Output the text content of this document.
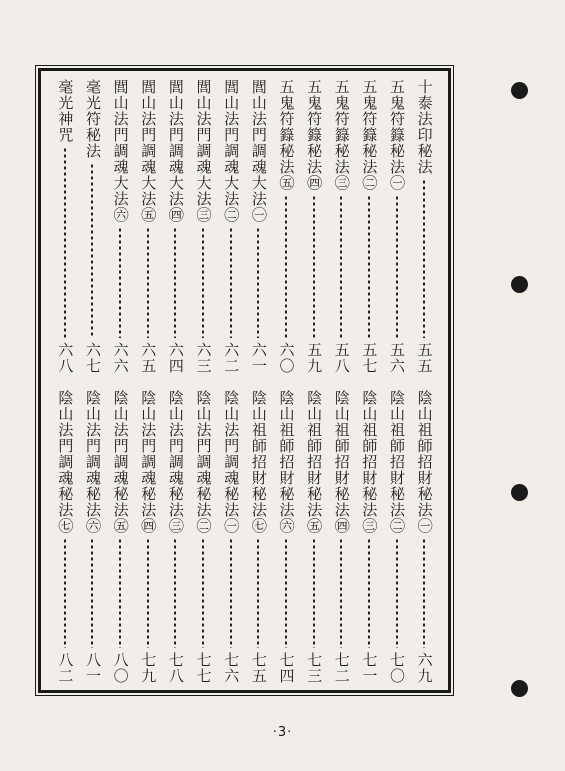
十泰法印秘法
五五
陰山祖師招財秘法㊀
六九
五鬼符籙秘法㊀
五六
陰山祖師招財秘法㊁
七〇
五鬼符籙秘法㊁
五七
陰山祖師招財秘法㊂
七一
五鬼符籙秘法㊂
五八
陰山祖師招財秘法㊃
七二
五鬼符籙秘法㊃
五九
陰山祖師招財秘法㊄
七三
五鬼符籙秘法㊄
六〇
陰山祖師招財秘法㊅
七四
閭山法門調魂大法㊀
六一
陰山祖師招財秘法㊆
七五
閭山法門調魂大法㊁
六二
陰山法門調魂秘法㊀
七六
閭山法門調魂大法㊂
六三
陰山法門調魂秘法㊁
七七
閭山法門調魂大法㊃
六四
陰山法門調魂秘法㊂
七八
閭山法門調魂大法㊄
六五
陰山法門調魂秘法㊃
七九
閭山法門調魂大法㊅
六六
陰山法門調魂秘法㊄
八〇
毫光符秘法
六七
陰山法門調魂秘法㊅
八一
毫光神咒
六八
陰山法門調魂秘法㊆
八二
·3·
